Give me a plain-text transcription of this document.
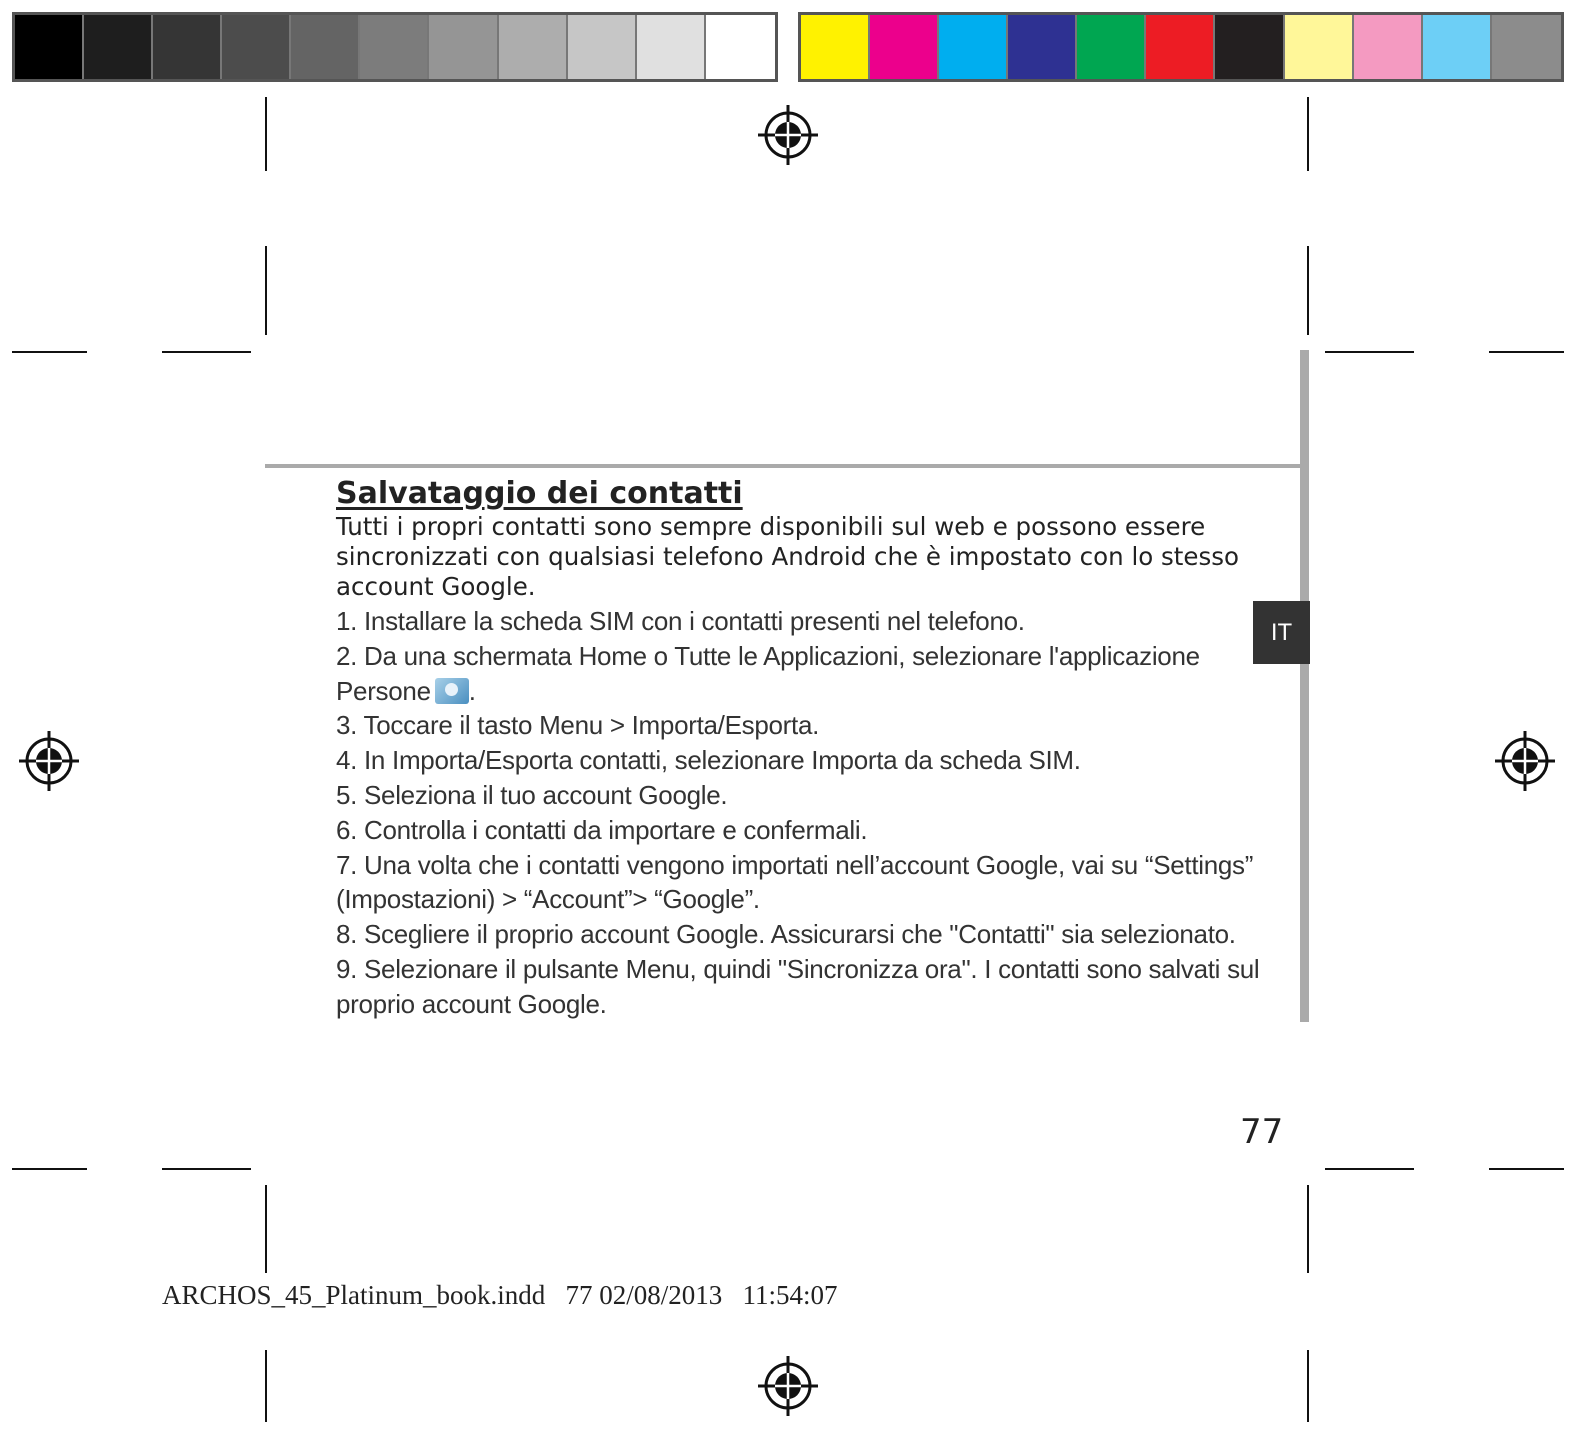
IT
Salvataggio dei contatti
Tutti i propri contatti sono sempre disponibili sul web e possono essere sincronizzati con qualsiasi telefono Android che è impostato con lo stesso account Google.
1. Installare la scheda SIM con i contatti presenti nel telefono.
2. Da una schermata Home o Tutte le Applicazioni, selezionare l'applicazione Persone .
3. Toccare il tasto Menu > Importa/Esporta.
4. In Importa/Esporta contatti, selezionare Importa da scheda SIM.
5. Seleziona il tuo account Google.
6. Controlla i contatti da importare e confermali.
7. Una volta che i contatti vengono importati nell’account Google, vai su “Settings” (Impostazioni) > “Account”> “Google”.
8. Scegliere il proprio account Google. Assicurarsi che "Contatti" sia selezionato.
9. Selezionare il pulsante Menu, quindi "Sincronizza ora". I contatti sono salvati sul proprio account Google.
77
ARCHOS_45_Platinum_book.indd   77 02/08/2013   11:54:07
